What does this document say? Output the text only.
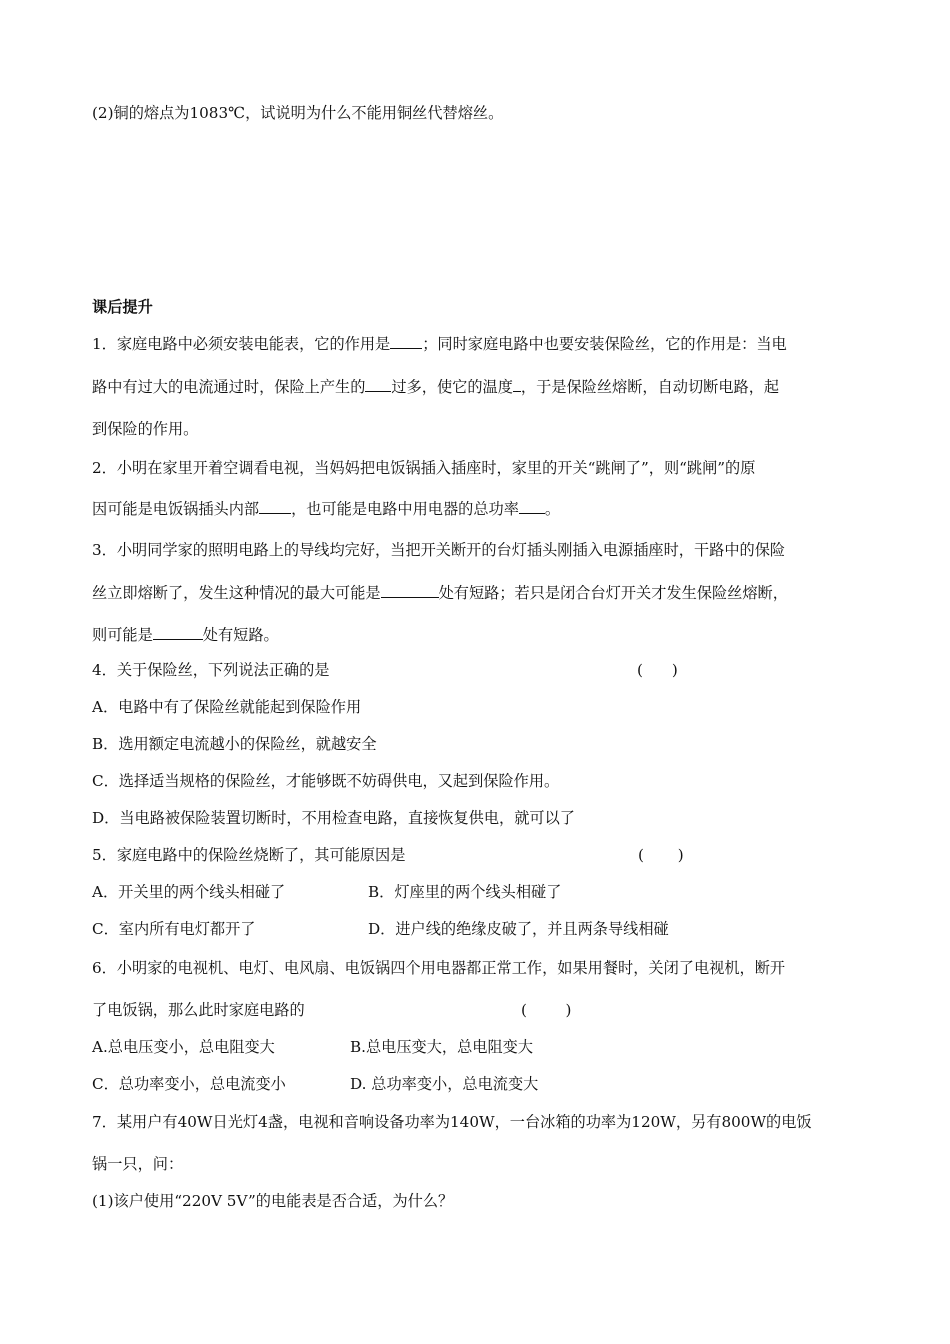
(2)铜的熔点为1083℃，试说明为什么不能用铜丝代替熔丝。
课后提升
1．家庭电路中必须安装电能表，它的作用是 ；同时家庭电路中也要安装保险丝，它的作用是：当电
路中有过大的电流通过时，保险上产生的 过多，使它的温度 ，于是保险丝熔断，自动切断电路，起
到保险的作用。
2．小明在家里开着空调看电视，当妈妈把电饭锅插入插座时，家里的开关“跳闸了”，则“跳闸”的原
因可能是电饭锅插头内部 ，也可能是电路中用电器的总功率 。
3．小明同学家的照明电路上的导线均完好，当把开关断开的台灯插头刚插入电源插座时，干路中的保险
丝立即熔断了，发生这种情况的最大可能是	处有短路；若只是闭合台灯开关才发生保险丝熔断，
则可能是	处有短路。
4．关于保险丝，下列说法正确的是	(      )
A．电路中有了保险丝就能起到保险作用
B．选用额定电流越小的保险丝，就越安全
C．选择适当规格的保险丝，才能够既不妨碍供电，又起到保险作用。
D．当电路被保险装置切断时，不用检查电路，直接恢复供电，就可以了
5．家庭电路中的保险丝烧断了，其可能原因是	(       )
A．开关里的两个线头相碰了	B．灯座里的两个线头相碰了
C．室内所有电灯都开了	D．进户线的绝缘皮破了，并且两条导线相碰
6．小明家的电视机、电灯、电风扇、电饭锅四个用电器都正常工作，如果用餐时，关闭了电视机，断开
了电饭锅，那么此时家庭电路的	(        )
A.总电压变小，总电阻变大	B.总电压变大，总电阻变大
C．总功率变小，总电流变小	D. 总功率变小，总电流变大
7．某用户有40W日光灯4盏，电视和音响设备功率为140W，一台冰箱的功率为120W，另有800W的电饭
锅一只，问：
(1)该户使用“220V 5V”的电能表是否合适，为什么？
